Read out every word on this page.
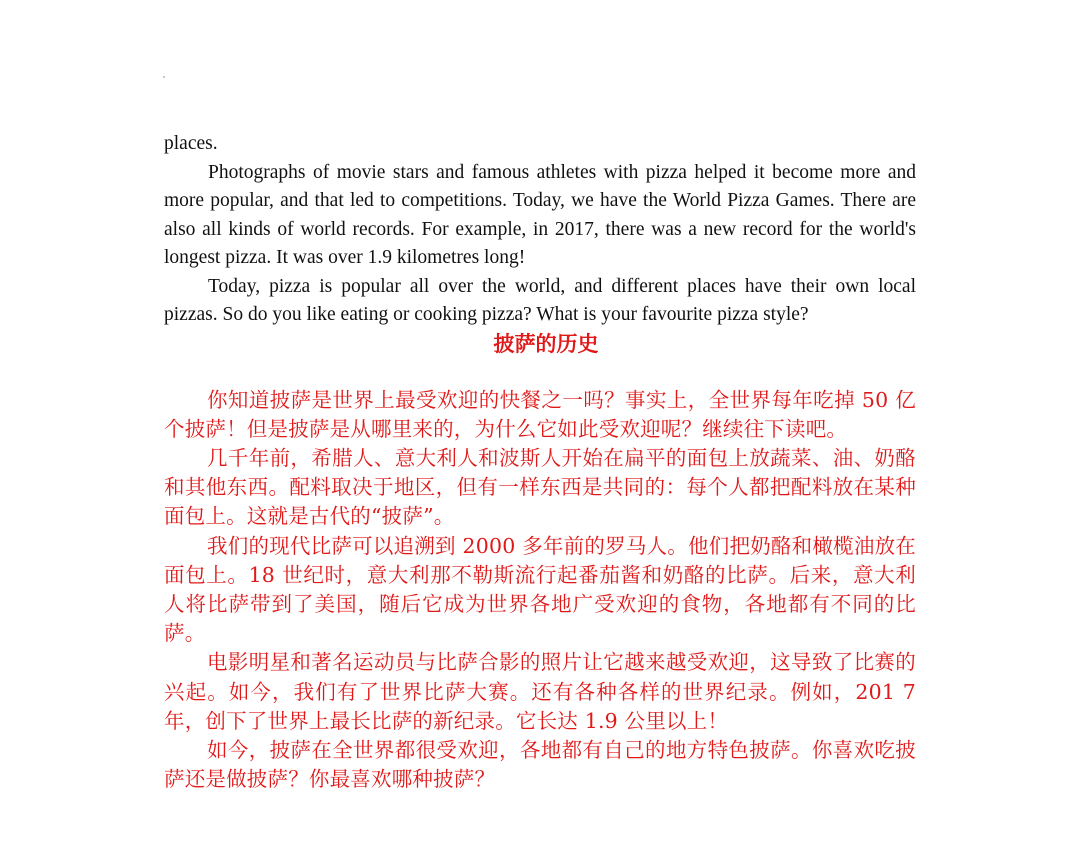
places.

Photographs of movie stars and famous athletes with pizza helped it become more and more popular, and that led to competitions. Today, we have the World Pizza Games. There are also all kinds of world records. For example, in 2017, there was a new record for the world's longest pizza. It was over 1.9 kilometres long!

Today, pizza is popular all over the world, and different places have their own local pizzas. So do you like eating or cooking pizza? What is your favourite pizza style?

披萨的历史

你知道披萨是世界上最受欢迎的快餐之一吗？事实上，全世界每年吃掉 50 亿个披萨！但是披萨是从哪里来的，为什么它如此受欢迎呢？继续往下读吧。

几千年前，希腊人、意大利人和波斯人开始在扁平的面包上放蔬菜、油、奶酪和其他东西。配料取决于地区，但有一样东西是共同的：每个人都把配料放在某种面包上。这就是古代的“披萨”。

我们的现代比萨可以追溯到 2000 多年前的罗马人。他们把奶酪和橄榄油放在面包上。18 世纪时，意大利那不勒斯流行起番茄酱和奶酪的比萨。后来，意大利人将比萨带到了美国，随后它成为世界各地广受欢迎的食物，各地都有不同的比萨。

电影明星和著名运动员与比萨合影的照片让它越来越受欢迎，这导致了比赛的兴起。如今，我们有了世界比萨大赛。还有各种各样的世界纪录。例如，201 7 年，创下了世界上最长比萨的新纪录。它长达 1.9 公里以上！

如今，披萨在全世界都很受欢迎，各地都有自己的地方特色披萨。你喜欢吃披萨还是做披萨？你最喜欢哪种披萨？
